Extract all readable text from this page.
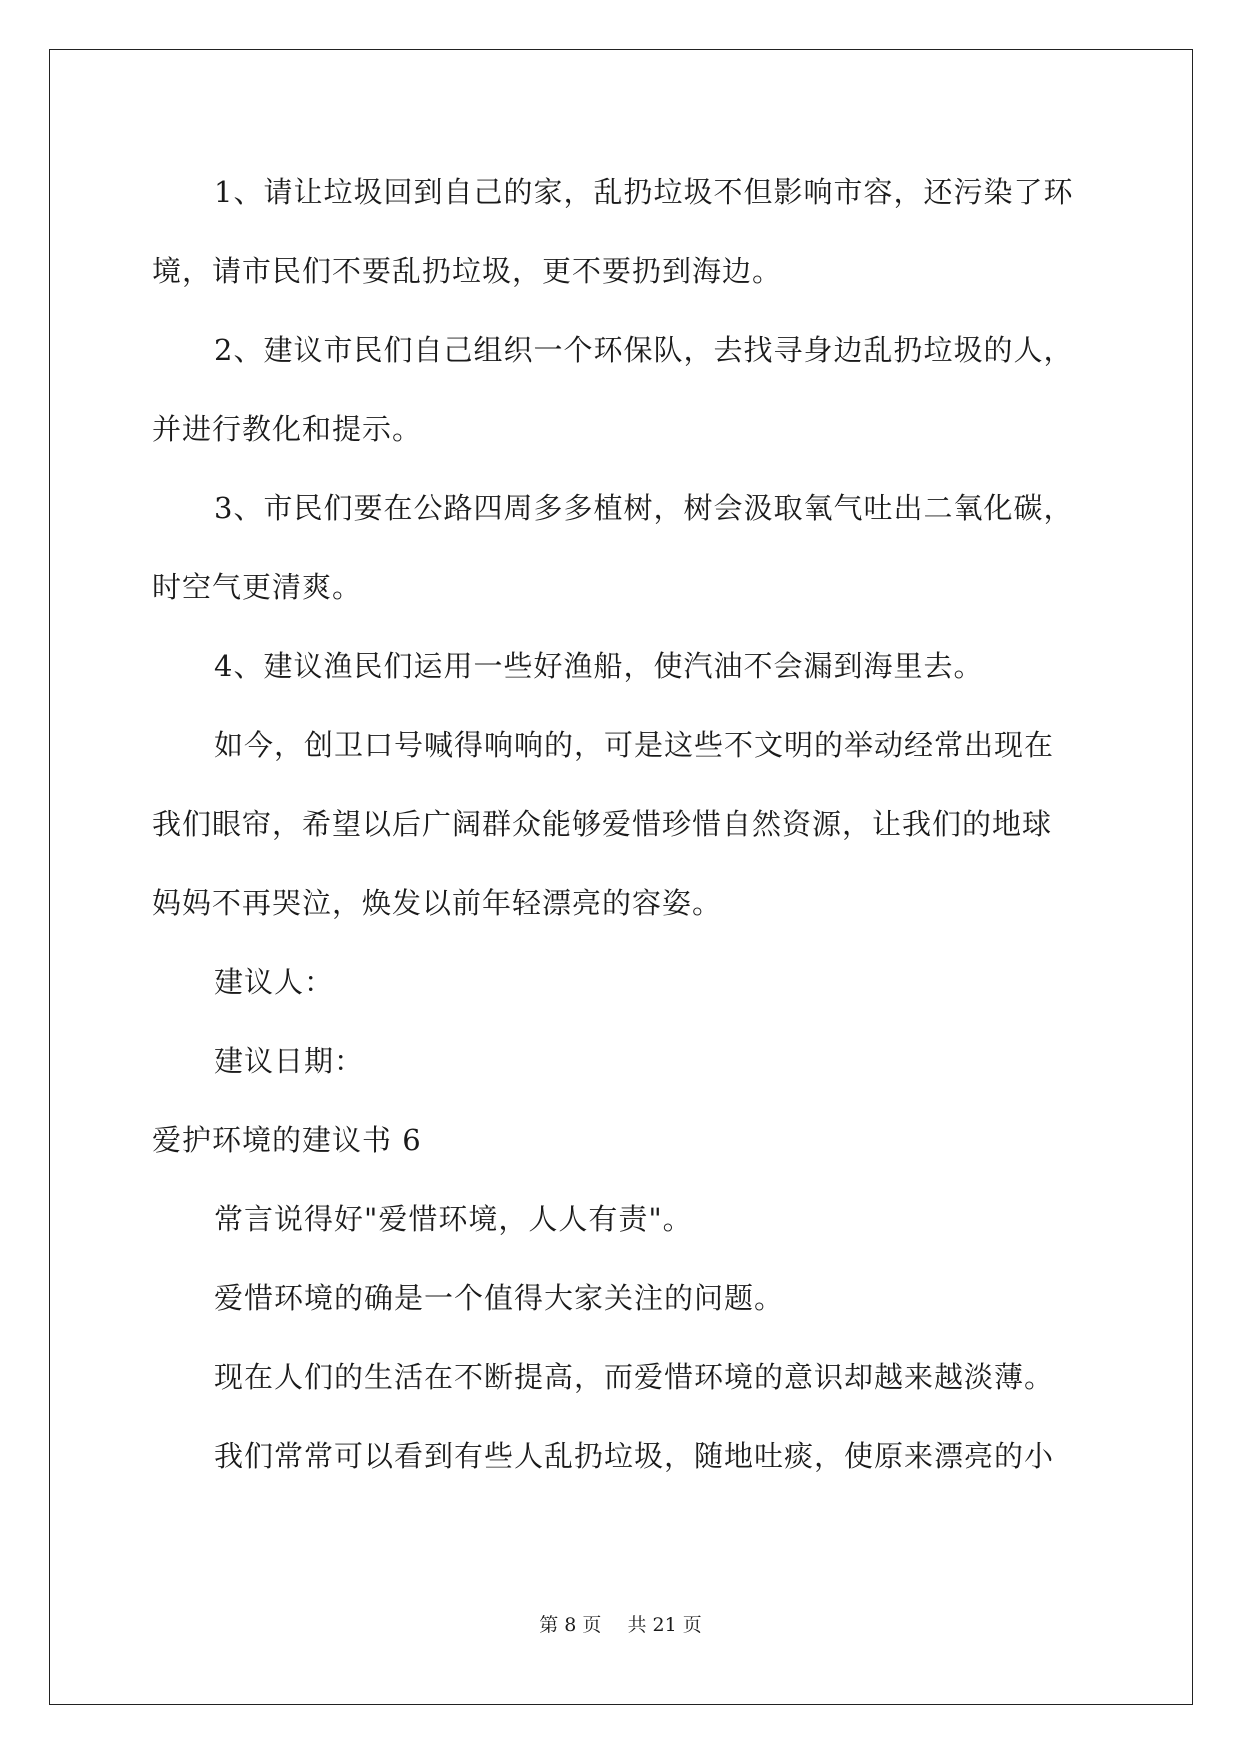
1、请让垃圾回到自己的家，乱扔垃圾不但影响市容，还污染了环
境，请市民们不要乱扔垃圾，更不要扔到海边。
2、建议市民们自己组织一个环保队，去找寻身边乱扔垃圾的人，
并进行教化和提示。
3、市民们要在公路四周多多植树，树会汲取氧气吐出二氧化碳，
时空气更清爽。
4、建议渔民们运用一些好渔船，使汽油不会漏到海里去。
如今，创卫口号喊得响响的，可是这些不文明的举动经常出现在
我们眼帘，希望以后广阔群众能够爱惜珍惜自然资源，让我们的地球
妈妈不再哭泣，焕发以前年轻漂亮的容姿。
建议人：
建议日期：
爱护环境的建议书 6
常言说得好"爱惜环境，人人有责"。
爱惜环境的确是一个值得大家关注的问题。
现在人们的生活在不断提高，而爱惜环境的意识却越来越淡薄。
我们常常可以看到有些人乱扔垃圾，随地吐痰，使原来漂亮的小
第 8 页 共 21 页
